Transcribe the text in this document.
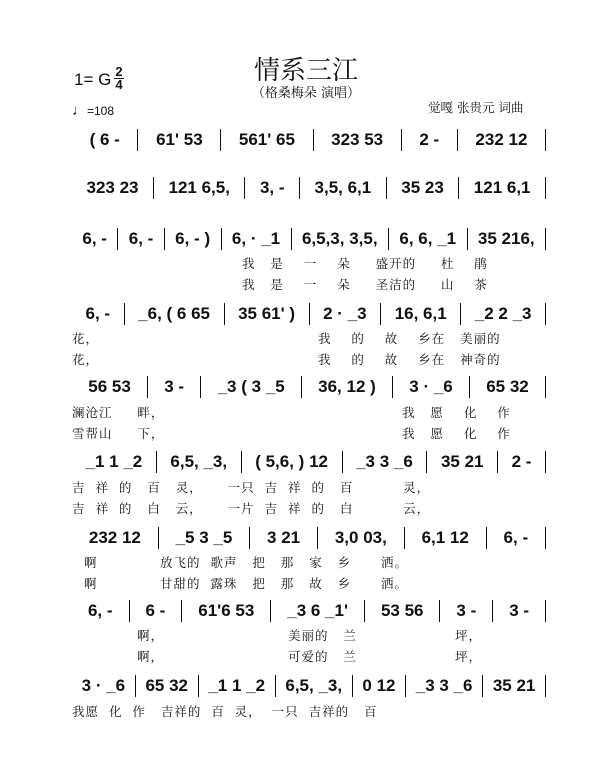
情系三江
（格桑梅朵 演唱）
1= G 2
4
♩=108	觉嘎 张贵元 词曲
( 6 -	61' 53	561' 65	323 53	2 -	232 12
323 23	121 6,5,	3, -	3,5, 6,1	35 23	121 6,1
6, -	6, -	6, - )	6, · _1	6,5,3, 3,5,	6, 6, _1	35 216,
6, -	_6, ( 6 65	35 61' )	2 · _3	16, 6,1	_2 2 _3
56 53	3 -	_3 ( 3 _5	36, 12 )	3 · _6	65 32
_1 1 _2	6,5, _3,	( 5,6, ) 12	_3 3 _6	35 21	2 -
232 12	_5 3 _5	3 21	3,0 03,	6,1 12	6, -
6, -	6 -	61'6 53	_3 6 _1'	53 56	3 -	3 -
3 · _6	65 32	_1 1 _2	6,5, _3,	0 12	_3 3 _6	35 21
我   是    一    朵     盛开的     杜    鹃
我   是    一    朵     圣洁的     山    茶
花，	我    的    故    乡在   美丽的
花，	我    的    故    乡在   神奇的
澜沧江     畔，	我   愿    化    作
雪帮山     下，	我   愿    化    作
吉  祥  的   百   灵，     一只  吉  祥  的   百          灵，
吉  祥  的   白   云，     一片  吉  祥  的   白          云，
啊	放飞的  歌声   把   那   家   乡      洒。
啊	甘甜的  露珠   把   那   故   乡      洒。
啊，	美丽的   兰	坪，
啊，	可爱的   兰	坪，
我愿  化  作   吉祥的  百  灵，  一只  吉祥的   百
